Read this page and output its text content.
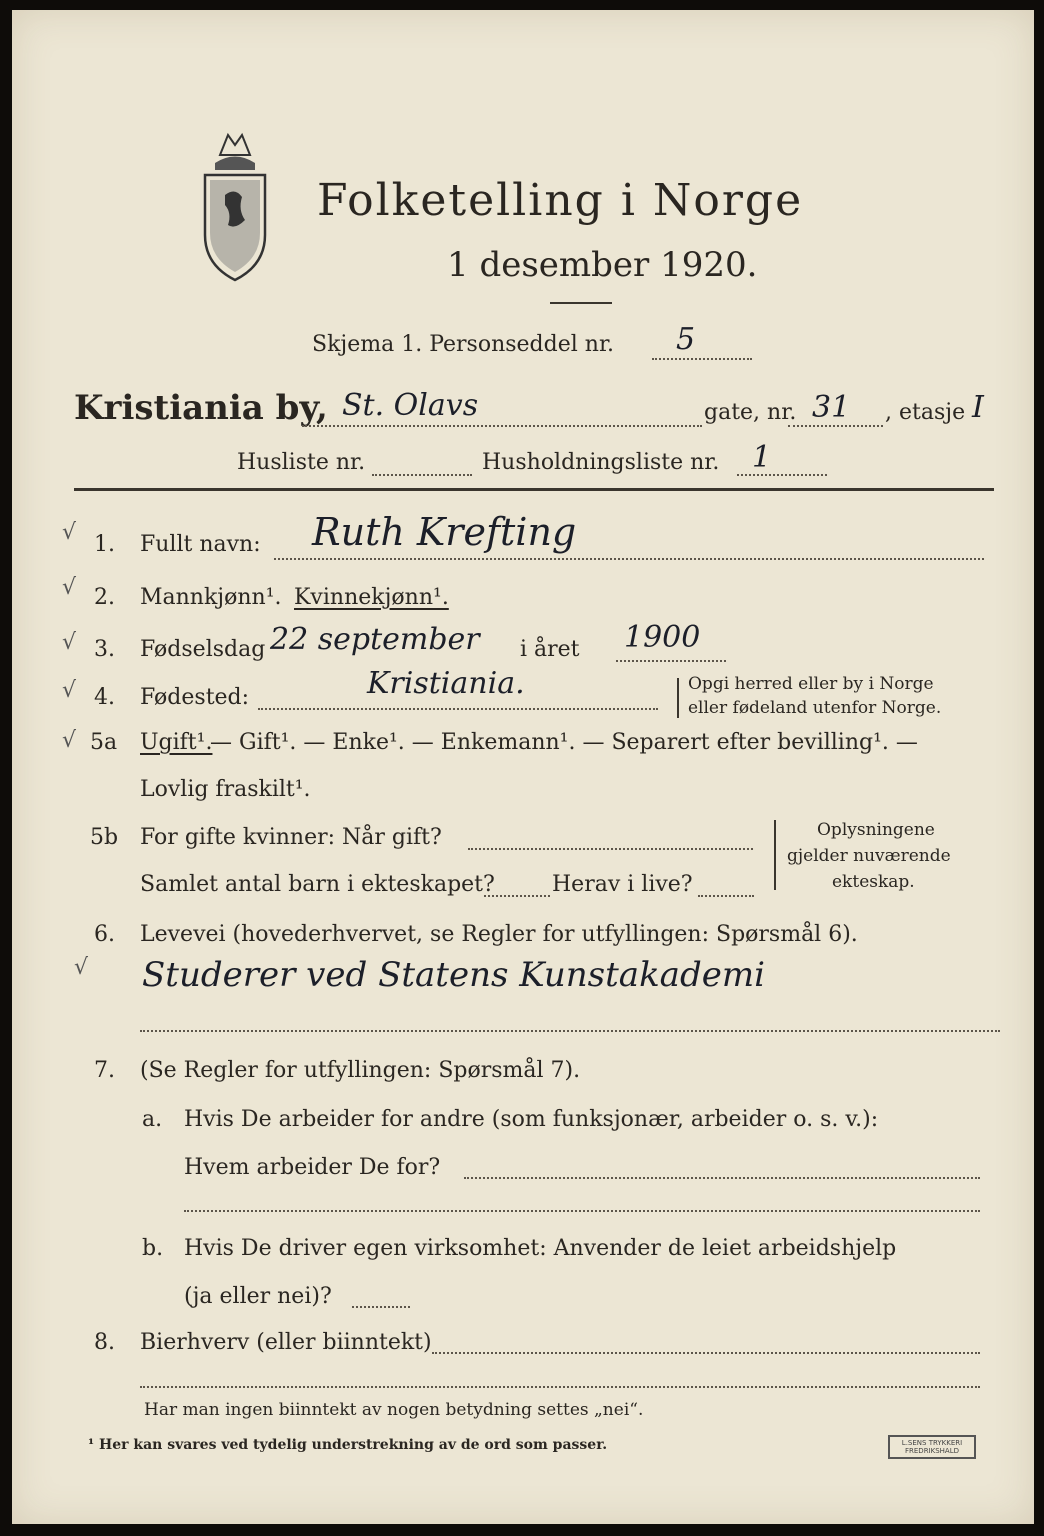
Folketelling i Norge
1 desember 1920.
Skjema 1. Personseddel nr. 5
Kristiania by, St. Olavs	gate, nr. 31 , etasje I
Husliste nr.	Husholdningsliste nr. 1
√
√
√
√
√
√
1. Fullt navn: Ruth Krefting
2. Mannkjønn¹. Kvinnekjønn¹.
3. Fødselsdag 22 september i året 1900
4. Fødested:	Kristiania.	Opgi herred eller by i Norge
eller fødeland utenfor Norge.
5a Ugift¹.
— Gift¹. — Enke¹. — Enkemann¹. — Separert efter bevilling¹. —
Lovlig fraskilt¹.
5b For gifte kvinner: Når gift?
Samlet antal barn i ekteskapet?	Herav i live?
Oplysningene
gjelder nuværende
ekteskap.
6. Levevei (hovederhvervet, se Regler for utfyllingen: Spørsmål 6).
Studerer ved Statens Kunstakademi
7. (Se Regler for utfyllingen: Spørsmål 7).
a. Hvis De arbeider for andre (som funksjonær, arbeider o. s. v.):
Hvem arbeider De for?
b. Hvis De driver egen virksomhet: Anvender de leiet arbeidshjelp
(ja eller nei)?
8. Bierhverv (eller biinntekt)
Har man ingen biinntekt av nogen betydning settes „nei“.
¹ Her kan svares ved tydelig understrekning av de ord som passer.	L.SENS TRYKKERI
FREDRIKSHALD
